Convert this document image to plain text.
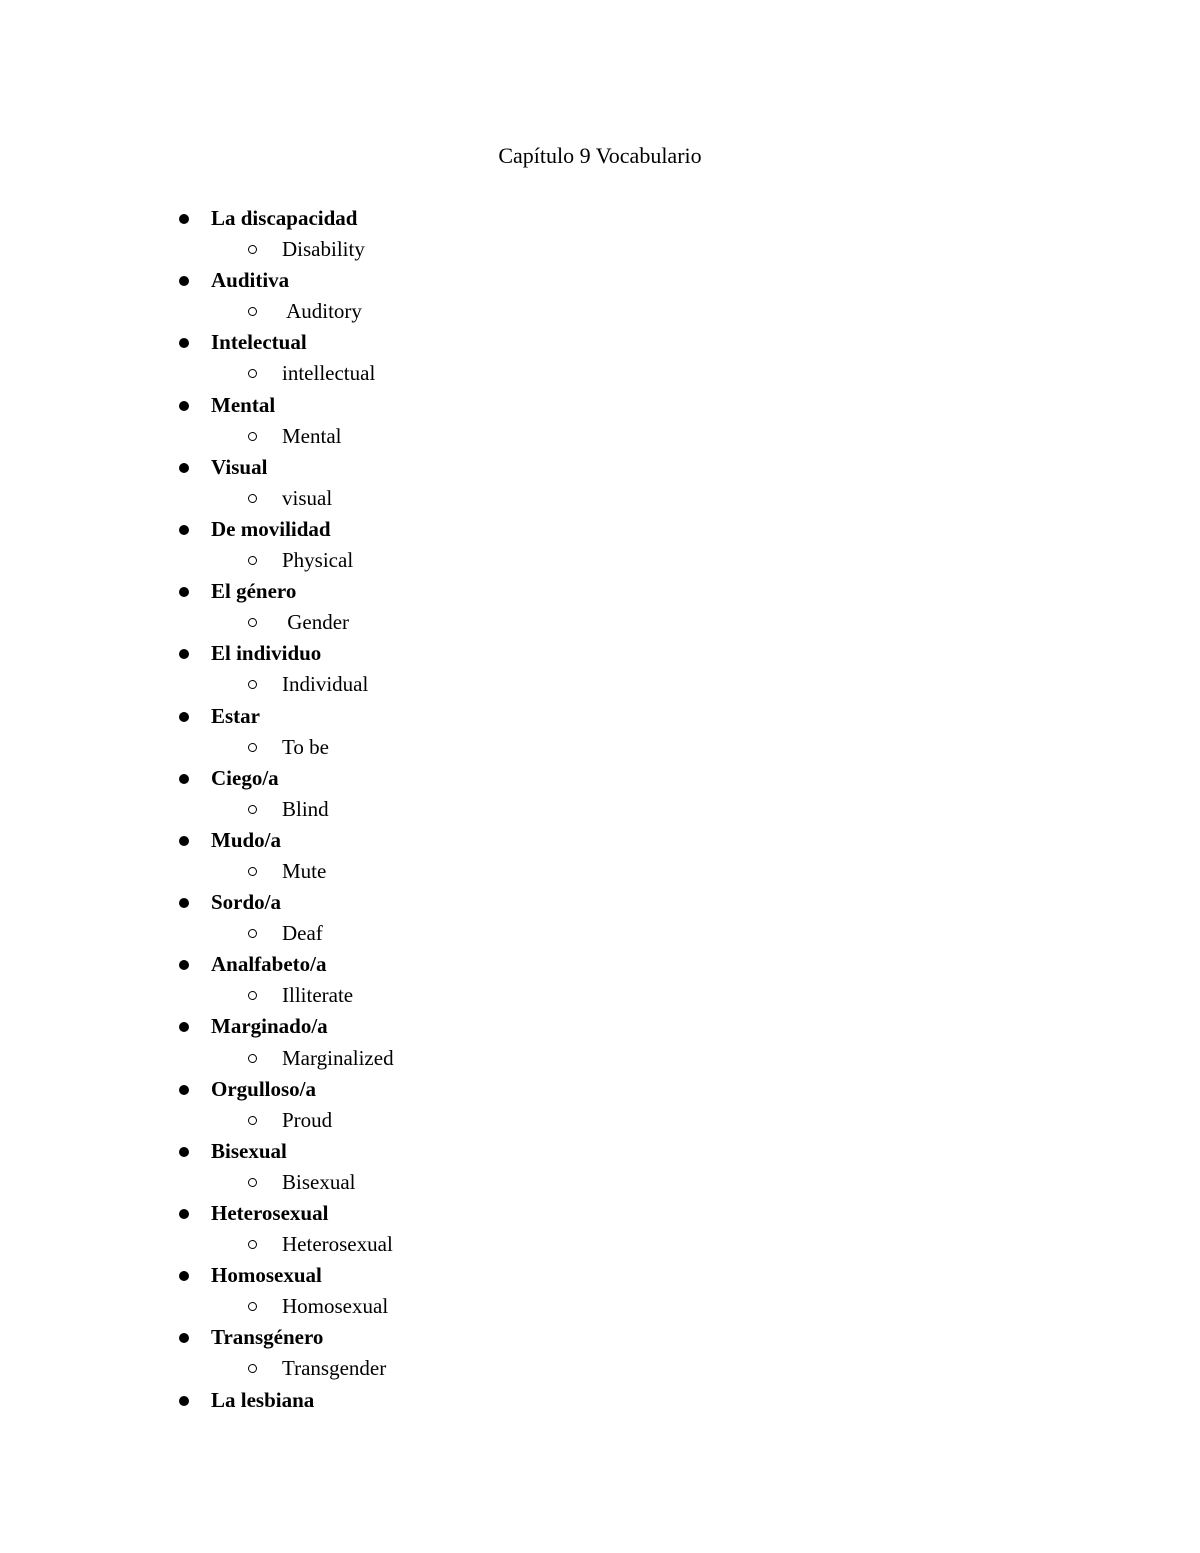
Capítulo 9 Vocabulario
La discapacidad
Disability
Auditiva
Auditory
Intelectual
intellectual
Mental
Mental
Visual
visual
De movilidad
Physical
El género
Gender
El individuo
Individual
Estar
To be
Ciego/a
Blind
Mudo/a
Mute
Sordo/a
Deaf
Analfabeto/a
Illiterate
Marginado/a
Marginalized
Orgulloso/a
Proud
Bisexual
Bisexual
Heterosexual
Heterosexual
Homosexual
Homosexual
Transgénero
Transgender
La lesbiana
